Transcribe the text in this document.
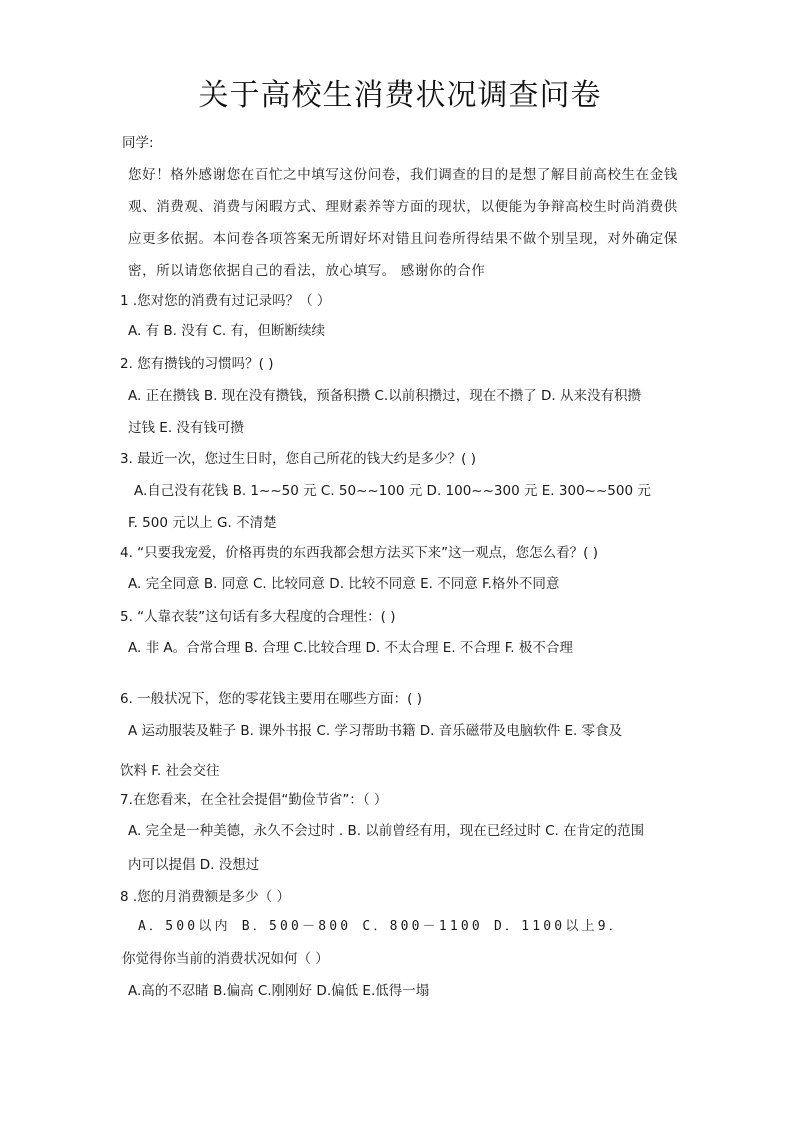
关于高校生消费状况调查问卷
同学:
您好！格外感谢您在百忙之中填写这份问卷，我们调查的目的是想了解目前高校生在金钱
观、消费观、消费与闲暇方式、理财素养等方面的现状，以便能为争辩高校生时尚消费供
应更多依据。本问卷各项答案无所谓好坏对错且问卷所得结果不做个别呈现，对外确定保
密，所以请您依据自己的看法，放心填写。 感谢你的合作
1 .您对您的消费有过记录吗？（ ）
A. 有 B. 没有 C. 有，但断断续续
2. 您有攒钱的习惯吗？( )
A. 正在攒钱 B. 现在没有攒钱，预备积攒 C.以前积攒过，现在不攒了 D. 从来没有积攒
过钱 E. 没有钱可攒
3. 最近一次，您过生日时，您自己所花的钱大约是多少？( )
A.自己没有花钱 B. 1~~50 元 C. 50~~100 元 D. 100~~300 元 E. 300~~500 元
F. 500 元以上 G. 不清楚
4. “只要我宠爱，价格再贵的东西我都会想方法买下来”这一观点，您怎么看？( )
A. 完全同意 B. 同意 C. 比较同意 D. 比较不同意 E. 不同意 F.格外不同意
5. “人靠衣装”这句话有多大程度的合理性：( )
A. 非 A。合常合理 B. 合理 C.比较合理 D. 不太合理 E. 不合理 F. 极不合理
6. 一般状况下，您的零花钱主要用在哪些方面：( )
A 运动服装及鞋子 B. 课外书报 C. 学习帮助书籍 D. 音乐磁带及电脑软件 E. 零食及
饮料 F. 社会交往
7.在您看来，在全社会提倡“勤俭节省”：（ ）
A. 完全是一种美德，永久不会过时 . B. 以前曾经有用，现在已经过时 C. 在肯定的范围
内可以提倡 D. 没想过
8 .您的月消费额是多少（ ）
A．500以内 B．500－800 C．800－1100 D．1100以上9．
你觉得你当前的消费状况如何（ ）
A.高的不忍睹 B.偏高 C.刚刚好 D.偏低 E.低得一塌
